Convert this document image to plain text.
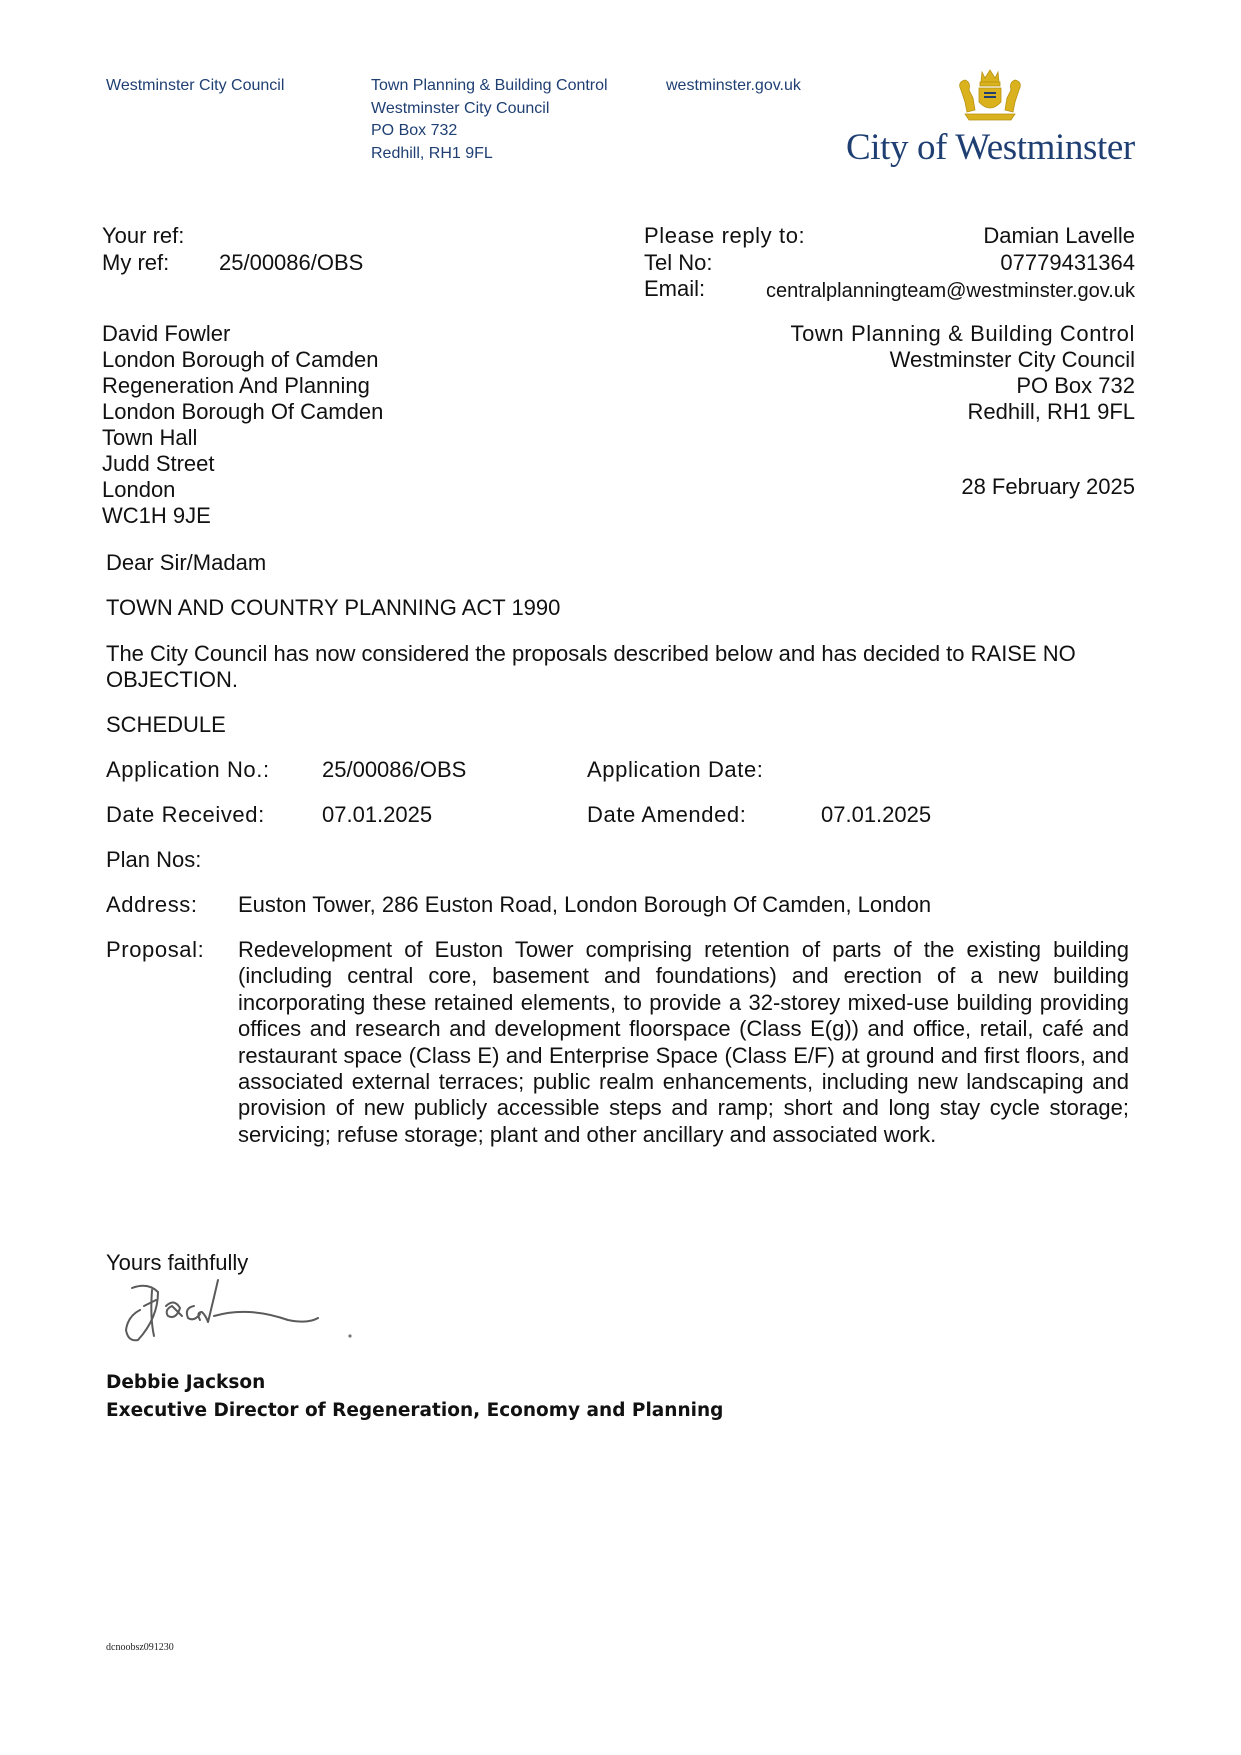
Westminster City Council	Town Planning & Building Control
Westminster City Council
PO Box 732
Redhill, RH1 9FL
westminster.gov.uk
City of Westminster
Your ref:
My ref: 25/00086/OBS
Please reply to:	Damian Lavelle
Tel No:	07779431364
Email:	centralplanningteam@westminster.gov.uk
David Fowler
London Borough of Camden
Regeneration And Planning
London Borough Of Camden
Town Hall
Judd Street
London
WC1H 9JE
Town Planning & Building Control
Westminster City Council
PO Box 732
Redhill, RH1 9FL
28 February 2025
Dear Sir/Madam
TOWN AND COUNTRY PLANNING ACT 1990
The City Council has now considered the proposals described below and has decided to RAISE NO OBJECTION.
SCHEDULE
Application No.: 25/00086/OBS	Application Date:
Date Received:	07.01.2025	Date Amended:	07.01.2025
Plan Nos:
Address: Euston Tower, 286 Euston Road, London Borough Of Camden, London
Proposal: Redevelopment of Euston Tower comprising retention of parts of the existing building (including central core, basement and foundations) and erection of a new building incorporating these retained elements, to provide a 32-storey mixed-use building providing offices and research and development floorspace (Class E(g)) and office, retail, café and restaurant space (Class E) and Enterprise Space (Class E/F) at ground and first floors, and associated external terraces; public realm enhancements, including new landscaping and provision of new publicly accessible steps and ramp; short and long stay cycle storage; servicing; refuse storage; plant and other ancillary and associated work.
Yours faithfully
Debbie Jackson
Executive Director of Regeneration, Economy and Planning
dcnoobsz091230
